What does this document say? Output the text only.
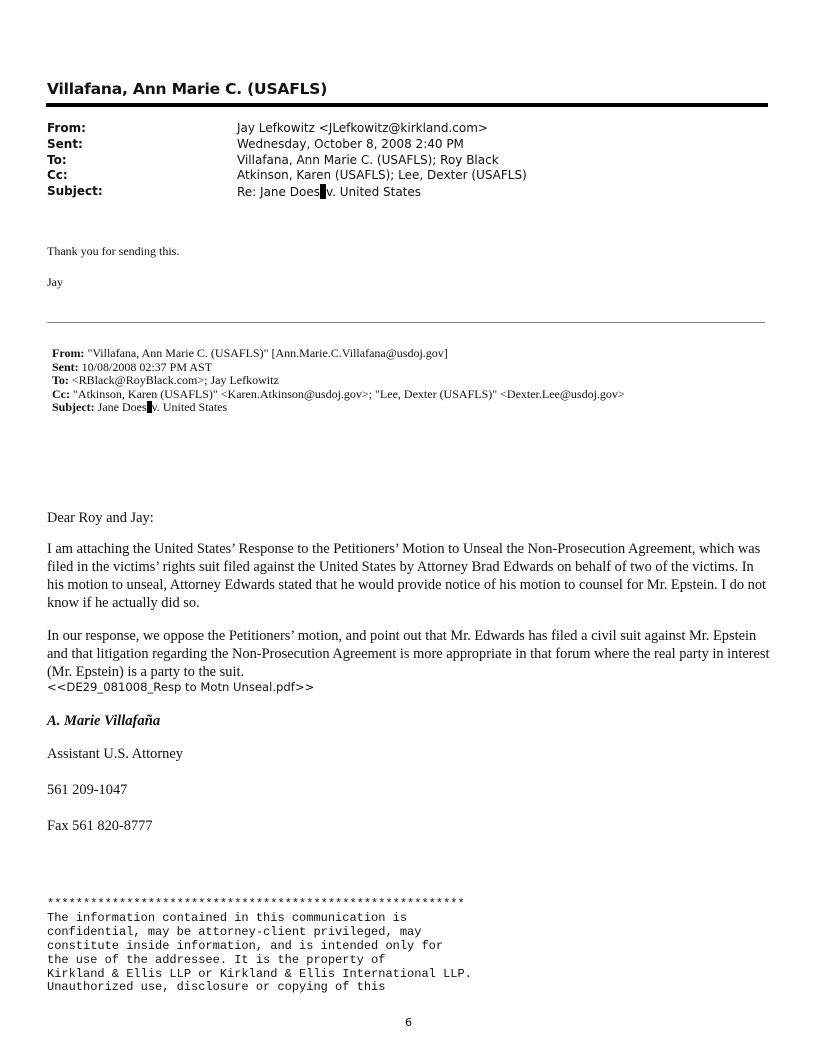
Villafana, Ann Marie C. (USAFLS)
From:	Jay Lefkowitz <JLefkowitz@kirkland.com>
Sent:	Wednesday, October 8, 2008 2:40 PM
To:	Villafana, Ann Marie C. (USAFLS); Roy Black
Cc:	Atkinson, Karen (USAFLS); Lee, Dexter (USAFLS)
Subject:	Re: Jane Does v. United States
Thank you for sending this.
Jay
From: "Villafana, Ann Marie C. (USAFLS)" [Ann.Marie.C.Villafana@usdoj.gov]
Sent: 10/08/2008 02:37 PM AST
To: <RBlack@RoyBlack.com>; Jay Lefkowitz
Cc: "Atkinson, Karen (USAFLS)" <Karen.Atkinson@usdoj.gov>; "Lee, Dexter (USAFLS)" <Dexter.Lee@usdoj.gov>
Subject: Jane Does v. United States
Dear Roy and Jay:
I am attaching the United States’ Response to the Petitioners’ Motion to Unseal the Non-Prosecution Agreement, which was filed in the victims’ rights suit filed against the United States by Attorney Brad Edwards on behalf of two of the victims. In his motion to unseal, Attorney Edwards stated that he would provide notice of his motion to counsel for Mr. Epstein. I do not know if he actually did so.
In our response, we oppose the Petitioners’ motion, and point out that Mr. Edwards has filed a civil suit against Mr. Epstein and that litigation regarding the Non-Prosecution Agreement is more appropriate in that forum where the real party in interest (Mr. Epstein) is a party to the suit.
<<DE29_081008_Resp to Motn Unseal.pdf>>
A. Marie Villafaña
Assistant U.S. Attorney
561 209-1047
Fax 561 820-8777
**********************************************************
The information contained in this communication is
confidential, may be attorney-client privileged, may
constitute inside information, and is intended only for
the use of the addressee. It is the property of
Kirkland & Ellis LLP or Kirkland & Ellis International LLP.
Unauthorized use, disclosure or copying of this
6
